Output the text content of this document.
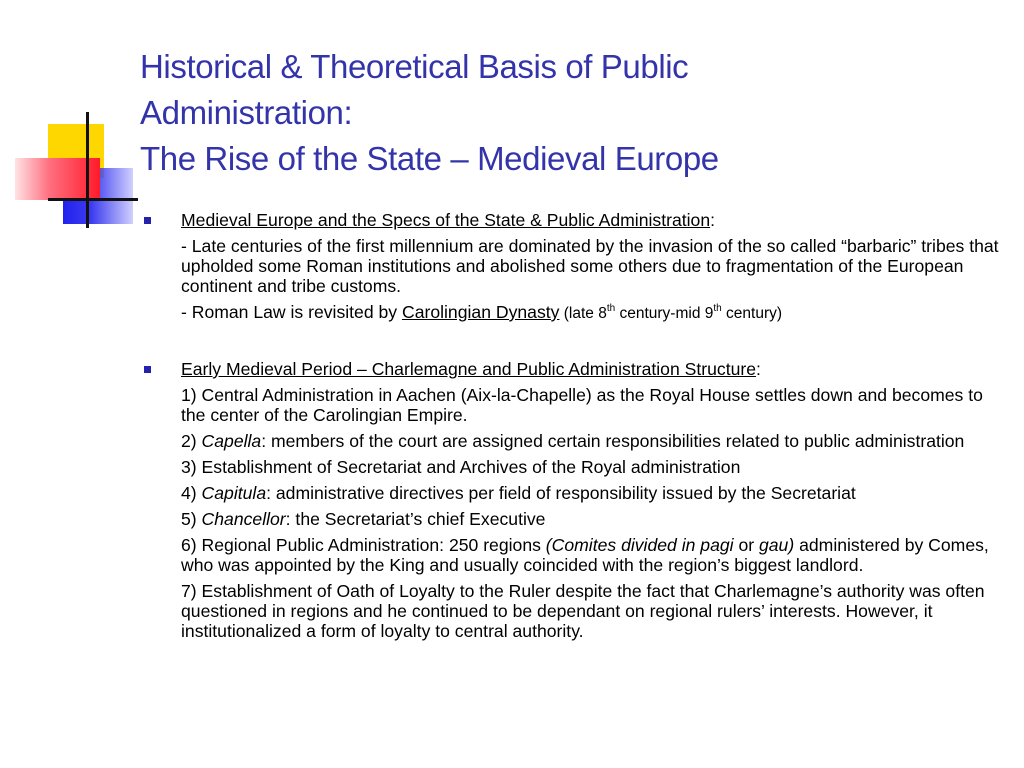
Historical & Theoretical Basis of Public
Administration:
The Rise of the State – Medieval Europe
Medieval Europe and the Specs of the State & Public Administration:
- Late centuries of the first millennium are dominated by the invasion of the so called “barbaric” tribes that upholded some Roman institutions and abolished some others due to fragmentation of the European continent and tribe customs.
- Roman Law is revisited by Carolingian Dynasty (late 8th century-mid 9th century)
Early Medieval Period – Charlemagne and Public Administration Structure:
1) Central Administration in Aachen (Aix-la-Chapelle) as the Royal House settles down and becomes to the center of the Carolingian Empire.
2) Capella: members of the court are assigned certain responsibilities related to public administration
3) Establishment of Secretariat and Archives of the Royal administration
4) Capitula: administrative directives per field of responsibility issued by the Secretariat
5) Chancellor: the Secretariat’s chief Executive
6) Regional Public Administration: 250 regions (Comites divided in pagi or gau) administered by Comes, who was appointed by the King and usually coincided with the region’s biggest landlord.
7) Establishment of Oath of Loyalty to the Ruler despite the fact that Charlemagne’s authority was often questioned in regions and he continued to be dependant on regional rulers’ interests. However, it institutionalized a form of loyalty to central authority.
